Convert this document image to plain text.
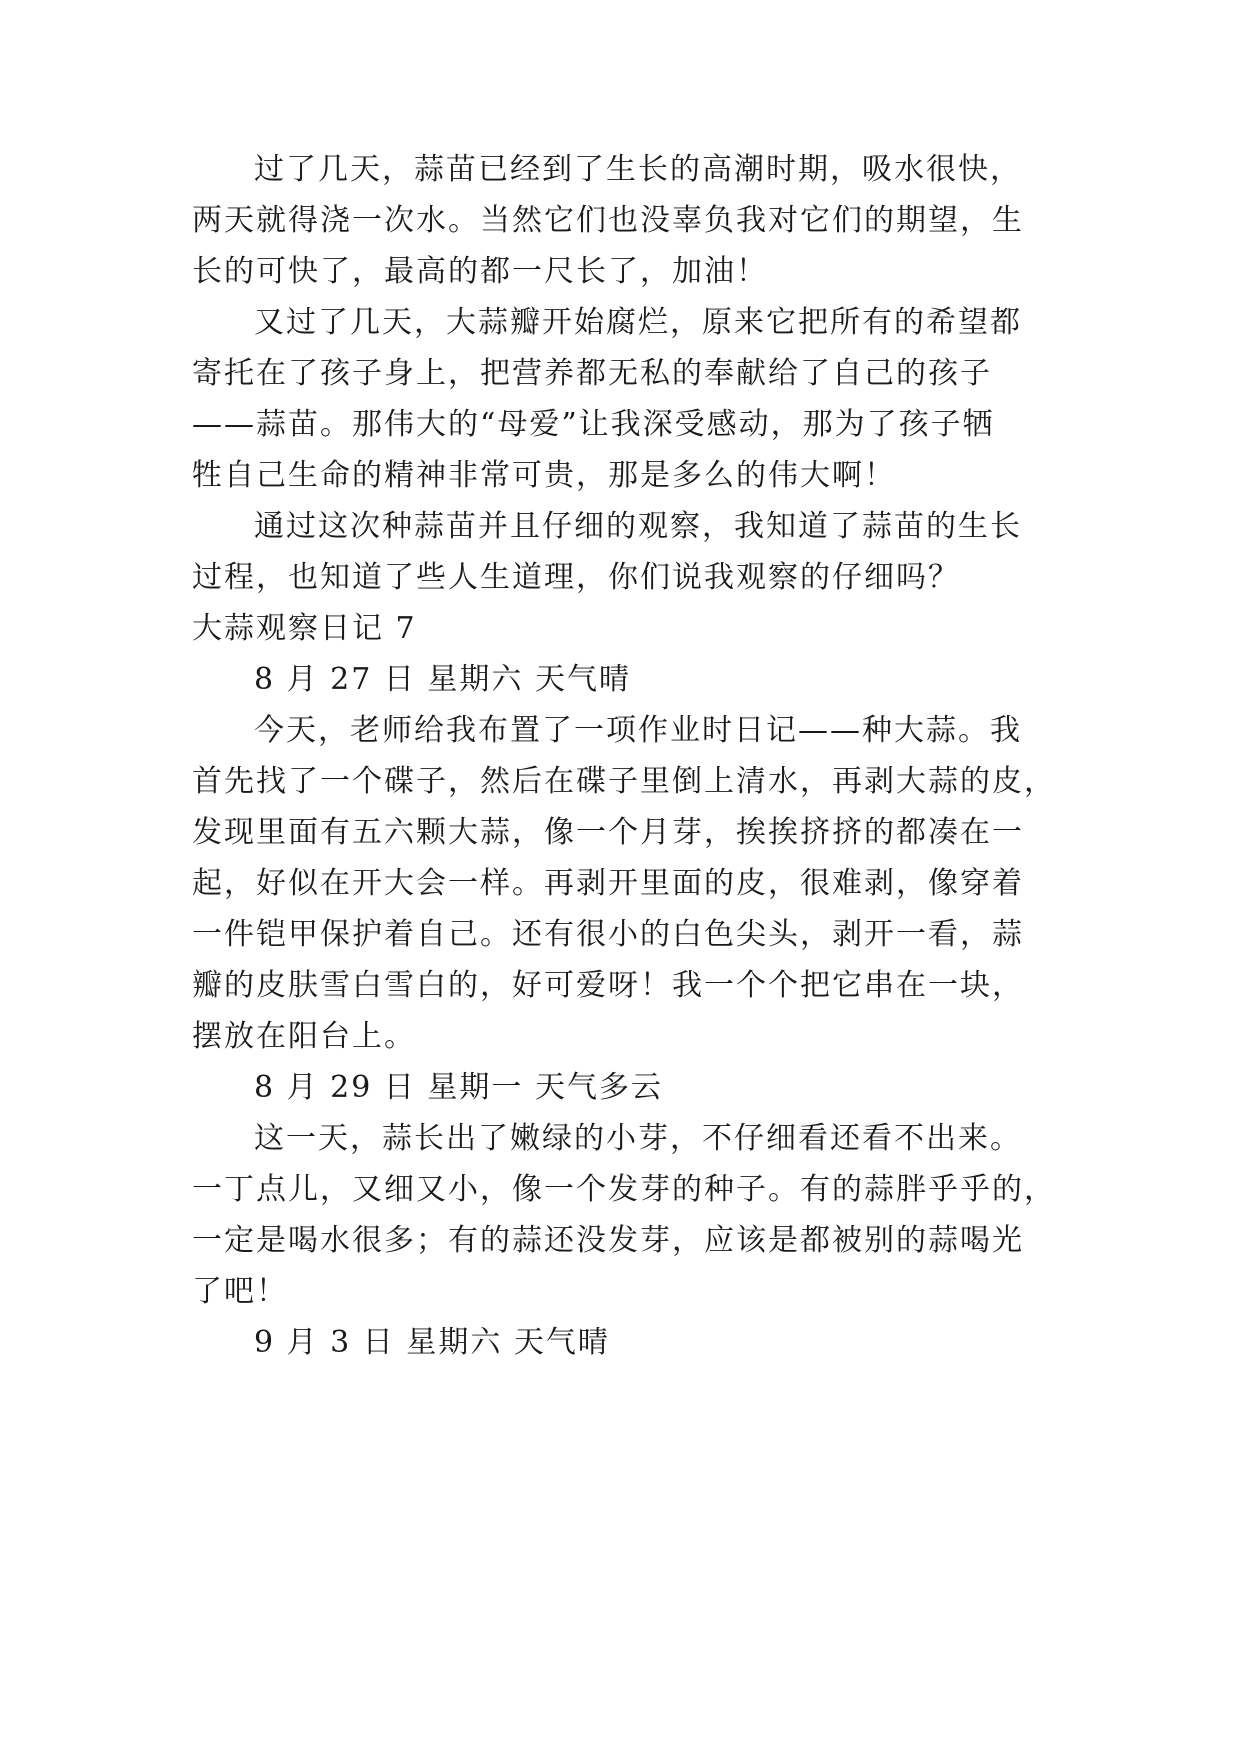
过了几天，蒜苗已经到了生长的高潮时期，吸水很快，
两天就得浇一次水。当然它们也没辜负我对它们的期望，生
长的可快了，最高的都一尺长了，加油！
又过了几天，大蒜瓣开始腐烂，原来它把所有的希望都
寄托在了孩子身上，把营养都无私的奉献给了自己的孩子
——蒜苗。那伟大的“母爱”让我深受感动，那为了孩子牺
牲自己生命的精神非常可贵，那是多么的伟大啊！
通过这次种蒜苗并且仔细的观察，我知道了蒜苗的生长
过程，也知道了些人生道理，你们说我观察的仔细吗？
大蒜观察日记 7
8 月 27 日 星期六 天气晴
今天，老师给我布置了一项作业时日记——种大蒜。我
首先找了一个碟子，然后在碟子里倒上清水，再剥大蒜的皮，
发现里面有五六颗大蒜，像一个月芽，挨挨挤挤的都凑在一
起，好似在开大会一样。再剥开里面的皮，很难剥，像穿着
一件铠甲保护着自己。还有很小的白色尖头，剥开一看，蒜
瓣的皮肤雪白雪白的，好可爱呀！我一个个把它串在一块，
摆放在阳台上。
8 月 29 日 星期一 天气多云
这一天，蒜长出了嫩绿的小芽，不仔细看还看不出来。
一丁点儿，又细又小，像一个发芽的种子。有的蒜胖乎乎的，
一定是喝水很多；有的蒜还没发芽，应该是都被别的蒜喝光
了吧！
9 月 3 日 星期六 天气晴
